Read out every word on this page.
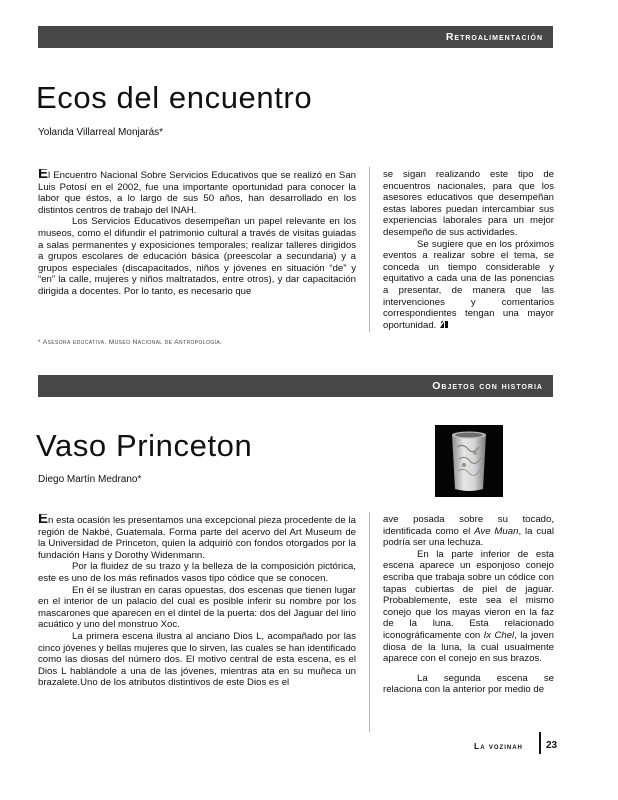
Retroalimentación
Ecos del encuentro
Yolanda Villarreal Monjarás*

El Encuentro Nacional Sobre Servicios Educativos que se realizó en San Luis Potosí en el 2002, fue una importante oportunidad para conocer la labor que éstos, a lo largo de sus 50 años, han desarrollado en los distintos centros de trabajo del INAH.

Los Servicios Educativos desempeñan un papel relevante en los museos, como el difundir el patrimonio cultural a través de visitas guiadas a salas permanentes y exposiciones temporales; realizar talleres dirigidos a grupos escolares de educación básica (preescolar a secundaria) y a grupos especiales (discapacitados, niños y jóvenes en situación “de” y “en” la calle, mujeres y niños maltratados, entre otros), y dar capacitación dirigida a docentes. Por lo tanto, es necesario que

se sigan realizando este tipo de encuentros nacionales, para que los asesores educativos que desempeñan estas labores puedan intercambiar sus experiencias laborales para un mejor desempeño de sus actividades.

Se sugiere que en los próximos eventos a realizar sobre el tema, se conceda un tiempo considerable y equitativo a cada una de las ponencias a presentar, de manera que las intervenciones y comentarios correspondientes tengan una mayor oportunidad.

* Asesora educativa. Museo Nacional de Antropología.
Objetos con historia
Vaso Princeton
Diego Martín Medrano*

En esta ocasión les presentamos una excepcional pieza procedente de la región de Nakbé, Guatemala. Forma parte del acervo del Art Museum de la Universidad de Princeton, quien la adquirió con fondos otorgados por la fundación Hans y Dorothy Widenmann.

Por la fluidez de su trazo y la belleza de la composición pictórica, este es uno de los más refinados vasos tipo códice que se conocen.

En él se ilustran en caras opuestas, dos escenas que tienen lugar en el interior de un palacio del cual es posible inferir su nombre por los mascarones que aparecen en el dintel de la puerta: dos del Jaguar del lirio acuático y uno del monstruo Xoc.

La primera escena ilustra al anciano Dios L, acompañado por las cinco jóvenes y bellas mujeres que lo sirven, las cuales se han identificado como las diosas del número dos. El motivo central de esta escena, es el Dios L hablándole a una de las jóvenes, mientras ata en su muñeca un brazalete.Uno de los atributos distintivos de este Dios es el

ave posada sobre su tocado, identificada como el Ave Muan, la cual podría ser una lechuza.

En la parte inferior de esta escena aparece un esponjoso conejo escriba que trabaja sobre un códice con tapas cubiertas de piel de jaguar. Probablemente, este sea el mismo conejo que los mayas vieron en la faz de la luna. Esta relacionado iconográficamente con Ix Chel, la joven diosa de la luna, la cual usualmente aparece con el conejo en sus brazos.

La segunda escena se relaciona con la anterior por medio de

La vozinah 23
